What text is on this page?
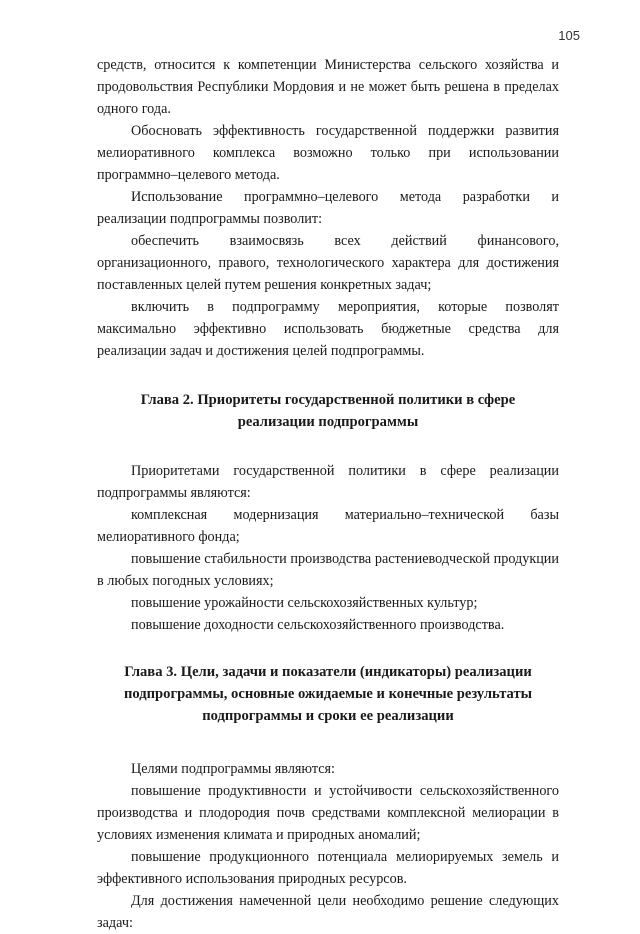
105

средств, относится к компетенции Министерства сельского хозяйства и продовольствия Республики Мордовия и не может быть решена в пределах одного года.

Обосновать эффективность государственной поддержки развития мелиоративного комплекса возможно только при использовании программно–целевого метода.

Использование программно–целевого метода разработки и реализации подпрограммы позволит:

обеспечить взаимосвязь всех действий финансового, организационного, правого, технологического характера для достижения поставленных целей путем решения конкретных задач;

включить в подпрограмму мероприятия, которые позволят максимально эффективно использовать бюджетные средства для реализации задач и достижения целей подпрограммы.

Глава 2. Приоритеты государственной политики в сфере
реализации подпрограммы

Приоритетами государственной политики в сфере реализации подпрограммы являются:

комплексная модернизация материально–технической базы мелиоративного фонда;

повышение стабильности производства растениеводческой продукции в любых погодных условиях;

повышение урожайности сельскохозяйственных культур;

повышение доходности сельскохозяйственного производства.

Глава 3. Цели, задачи и показатели (индикаторы) реализации
подпрограммы, основные ожидаемые и конечные результаты
подпрограммы и сроки ее реализации

Целями подпрограммы являются:

повышение продуктивности и устойчивости сельскохозяйственного производства и плодородия почв средствами комплексной мелиорации в условиях изменения климата и природных аномалий;

повышение продукционного потенциала мелиорируемых земель и эффективного использования природных ресурсов.

Для достижения намеченной цели необходимо решение следующих задач:
